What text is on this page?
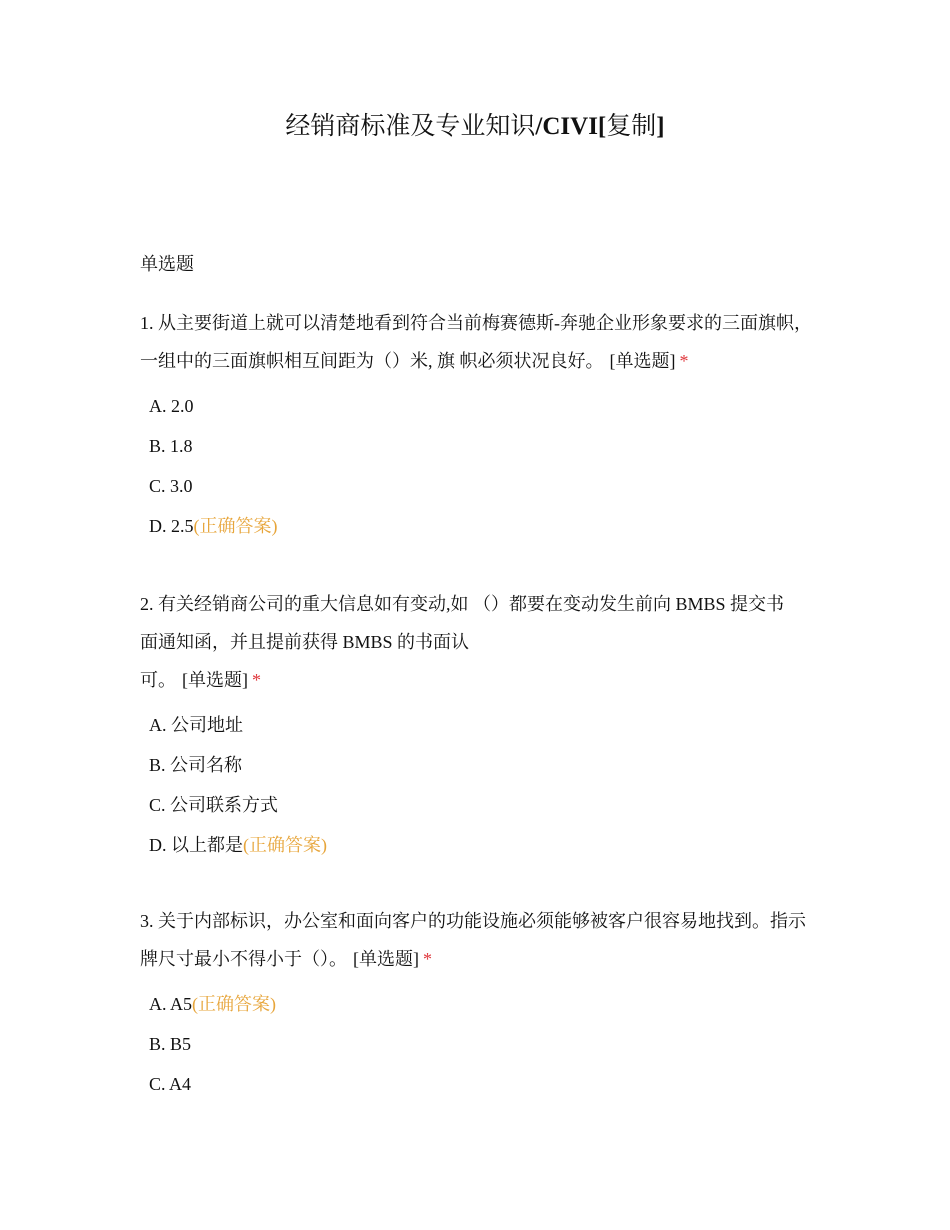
经销商标准及专业知识/CIVI[复制]
单选题

1. 从主要街道上就可以清楚地看到符合当前梅赛德斯-奔驰企业形象要求的三面旗帜，一组中的三面旗帜相互间距为（）米, 旗 帜必须状况良好。 [单选题] *

A. 2.0
B. 1.8
C. 3.0
D. 2.5(正确答案)

2. 有关经销商公司的重大信息如有变动,如 （）都要在变动发生前向 BMBS 提交书
面通知函，并且提前获得 BMBS 的书面认
可。 [单选题] *

A. 公司地址
B. 公司名称
C. 公司联系方式
D. 以上都是(正确答案)

3. 关于内部标识，办公室和面向客户的功能设施必须能够被客户很容易地找到。指示牌尺寸最小不得小于（）。 [单选题] *

A. A5(正确答案)
B. B5
C. A4
